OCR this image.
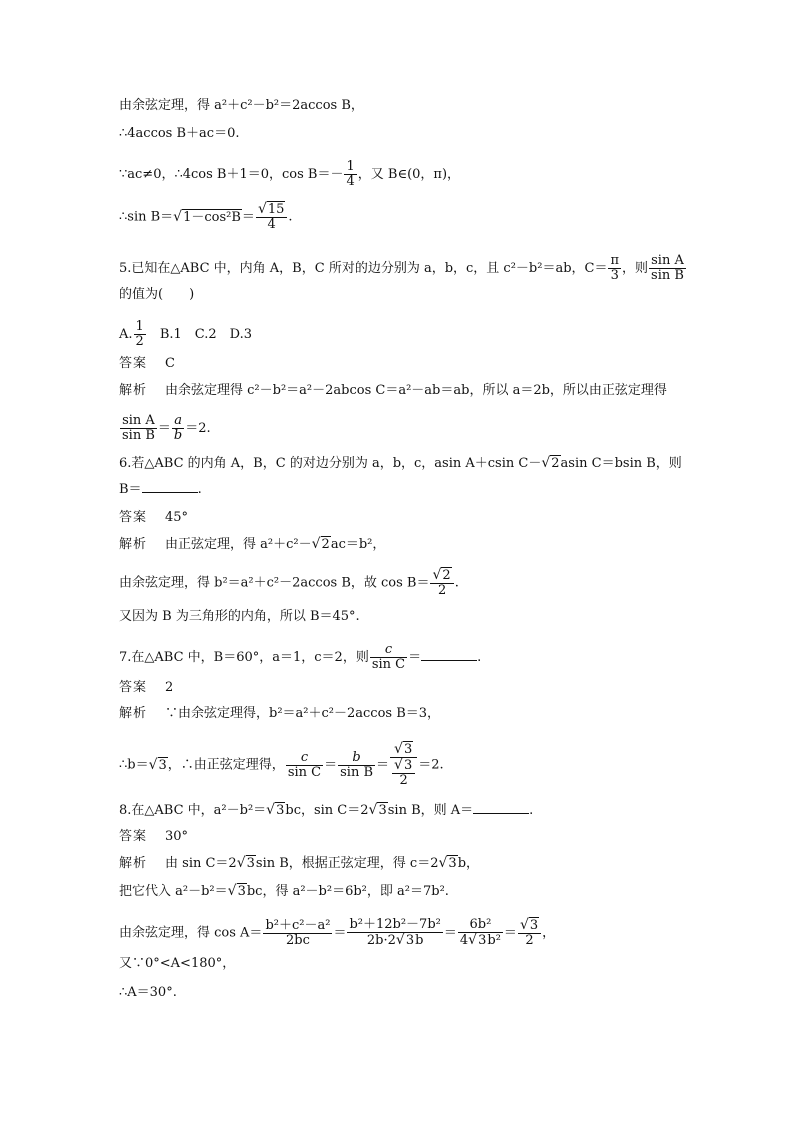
由余弦定理，得 a²＋c²－b²＝2accos B，
∴4accos B＋ac＝0.
∵ac≠0，∴4cos B＋1＝0，$\cos B=- \frac{1}{4}$ ，又 B∈(0，π)，
∴sin $B=√1-\cos^2B= \frac{√15}{4}$ .
5.已知在△ABC 中，内角 A，B，C 所对的边分别为 a，b，c，且 c²－b²＝ab，$C= \frac{\pi}{3}$ ，则 $\frac{\text{sin A}}{\text{sin B}}$
的值为(　　)
A. $\frac{1}{2}$ 　B.1　C.2　D.3
答案 C
解析 由余弦定理得 c²－b²＝a²－2abcos C＝a²－ab＝ab，所以 a＝2b，所以由正弦定理得
$\frac{\text{sin A}}{\text{sin B}} = \frac{a}{b} =2$.
6.若△ABC 的内角 A，B，C 的对边分别为 a，b，c，asin A＋csin C－√2asin C＝bsin B，则
B＝	.
答案 45°
解析 由正弦定理，得 a²＋c²－√2ac＝b²，
由余弦定理，得 b²＝a²＋c²－2accos B，故 $\cos B= \frac{√2}{2}$ .
又因为 B 为三角形的内角，所以 B＝45°.
7.在△ABC 中，B＝60°，a＝1，c＝2，则 $\frac{c}{\text{sin C}}$ ＝	.
答案 2
解析 ∵由余弦定理得，b²＝a²＋c²－2accos B＝3，
∴b＝√3，∴由正弦定理得， $\frac{c}{\text{sin C}} = \frac{b}{\text{sin B}} = \frac{√3}{\frac{√3}{2}} =2$.
8.在△ABC 中，a²－b²＝√3bc，sin C＝2√3sin B，则 A＝	.
答案 30°
解析 由 sin C＝2√3sin B，根据正弦定理，得 c＝2√3b，
把它代入 a²－b²＝√3bc，得 a²－b²＝6b²，即 a²＝7b².
由余弦定理，得 $\cos A= \frac{\text{b²＋c²－a²}}{2bc} = \frac{\text{b²＋12b²－7b²}}{2b\cdot 2√3b} = \frac{\text{6b²}}{\text{4√3b²}} = \frac{√3}{2}$ ，
又∵0°<A<180°，
∴A＝30°.
